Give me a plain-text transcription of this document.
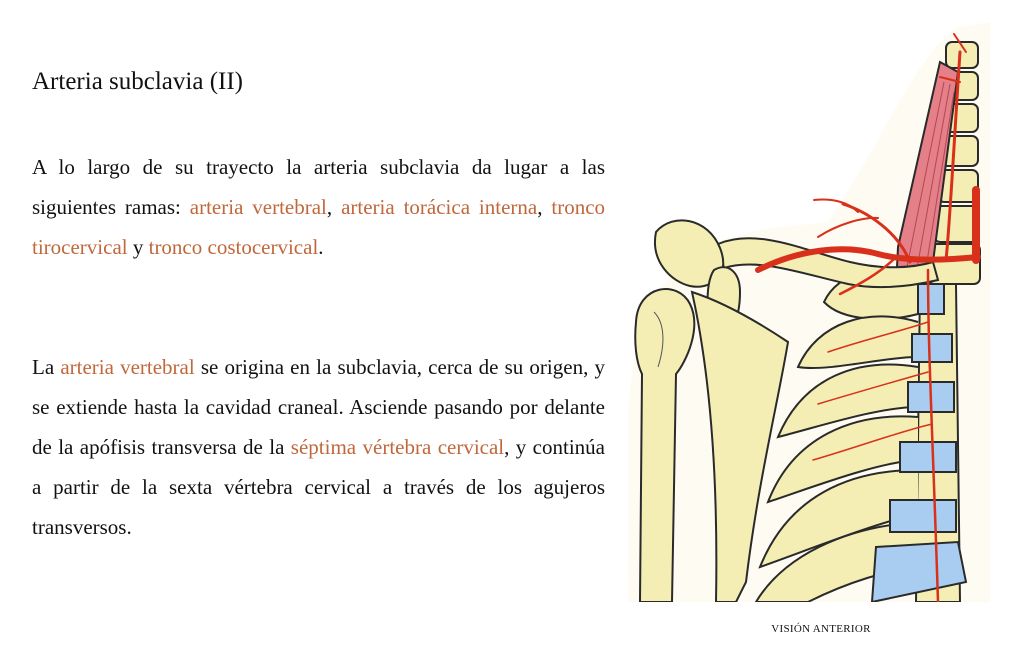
Arteria subclavia (II)

A lo largo de su trayecto la arteria subclavia da lugar a las siguientes ramas: arteria vertebral, arteria torácica interna, tronco tirocervical y tronco costocervical.

La arteria vertebral se origina en la subclavia, cerca de su origen, y se extiende hasta la cavidad craneal. Asciende pasando por delante de la apófisis transversa de la séptima vértebra cervical, y continúa a partir de la sexta vértebra cervical a través de los agujeros transversos.

VISIÓN ANTERIOR
